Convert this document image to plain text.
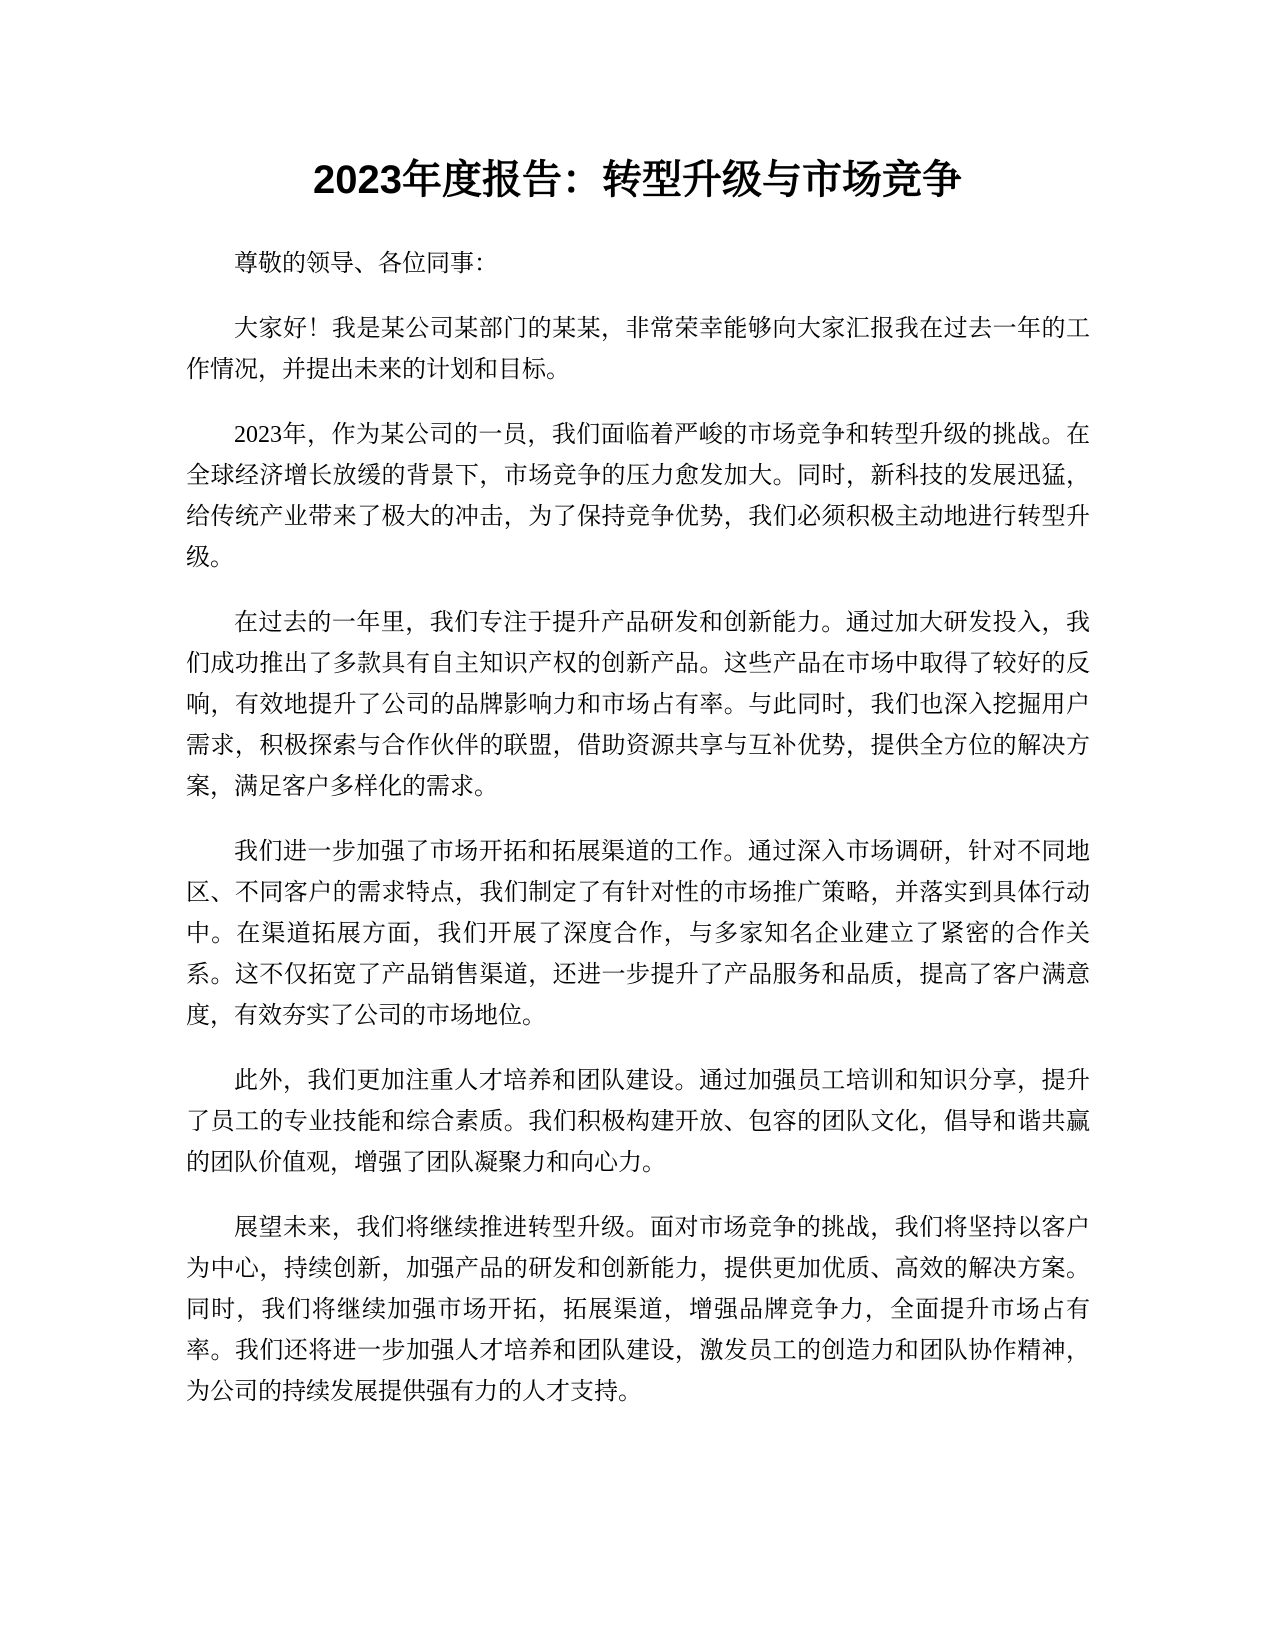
2023年度报告：转型升级与市场竞争

尊敬的领导、各位同事：

大家好！我是某公司某部门的某某，非常荣幸能够向大家汇报我在过去一年的工作情况，并提出未来的计划和目标。

2023年，作为某公司的一员，我们面临着严峻的市场竞争和转型升级的挑战。在全球经济增长放缓的背景下，市场竞争的压力愈发加大。同时，新科技的发展迅猛，给传统产业带来了极大的冲击，为了保持竞争优势，我们必须积极主动地进行转型升级。

在过去的一年里，我们专注于提升产品研发和创新能力。通过加大研发投入，我们成功推出了多款具有自主知识产权的创新产品。这些产品在市场中取得了较好的反响，有效地提升了公司的品牌影响力和市场占有率。与此同时，我们也深入挖掘用户需求，积极探索与合作伙伴的联盟，借助资源共享与互补优势，提供全方位的解决方案，满足客户多样化的需求。

我们进一步加强了市场开拓和拓展渠道的工作。通过深入市场调研，针对不同地区、不同客户的需求特点，我们制定了有针对性的市场推广策略，并落实到具体行动中。在渠道拓展方面，我们开展了深度合作，与多家知名企业建立了紧密的合作关系。这不仅拓宽了产品销售渠道，还进一步提升了产品服务和品质，提高了客户满意度，有效夯实了公司的市场地位。

此外，我们更加注重人才培养和团队建设。通过加强员工培训和知识分享，提升了员工的专业技能和综合素质。我们积极构建开放、包容的团队文化，倡导和谐共赢的团队价值观，增强了团队凝聚力和向心力。

展望未来，我们将继续推进转型升级。面对市场竞争的挑战，我们将坚持以客户为中心，持续创新，加强产品的研发和创新能力，提供更加优质、高效的解决方案。同时，我们将继续加强市场开拓，拓展渠道，增强品牌竞争力，全面提升市场占有率。我们还将进一步加强人才培养和团队建设，激发员工的创造力和团队协作精神，为公司的持续发展提供强有力的人才支持。
